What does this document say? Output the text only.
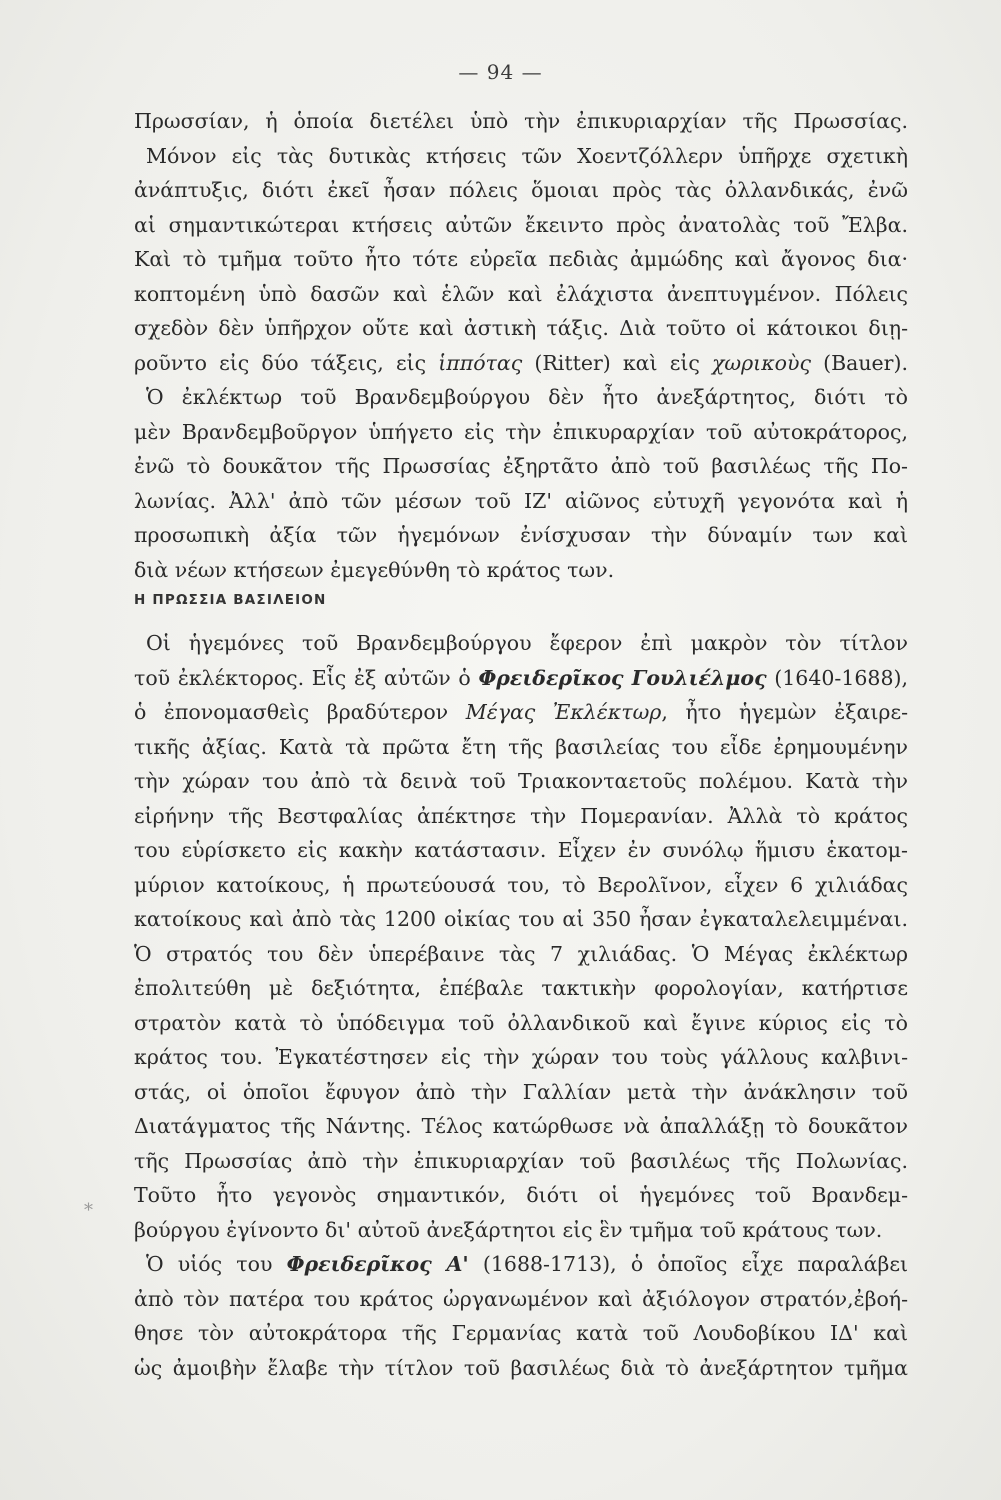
— 94 —
Πρωσσίαν, ἡ ὁποία διετέλει ὑπὸ τὴν ἐπικυριαρχίαν τῆς Πρωσσίας.
Μόνον εἰς τὰς δυτικὰς κτήσεις τῶν Χοεντζόλλερν ὑπῆρχε σχετικὴ
ἀνάπτυξις, διότι ἐκεῖ ἦσαν πόλεις ὅμοιαι πρὸς τὰς ὀλλανδικάς, ἐνῶ
αἱ σημαντικώτεραι κτήσεις αὐτῶν ἔκειντο πρὸς ἀνατολὰς τοῦ Ἔλβα.
Καὶ τὸ τμῆμα τοῦτο ἦτο τότε εὐρεῖα πεδιὰς ἀμμώδης καὶ ἄγονος δια·
κοπτομένη ὑπὸ δασῶν καὶ ἑλῶν καὶ ἐλάχιστα ἀνεπτυγμένον. Πόλεις
σχεδὸν δὲν ὑπῆρχον οὔτε καὶ ἀστικὴ τάξις. Διὰ τοῦτο οἱ κάτοικοι διῃ-
ροῦντο εἰς δύο τάξεις, εἰς ἱππότας (Ritter) καὶ εἰς χωρικοὺς (Bauer).
Ὁ ἐκλέκτωρ τοῦ Βρανδεμβούργου δὲν ἦτο ἀνεξάρτητος, διότι τὸ
μὲν Βρανδεμβοῦργον ὑπήγετο εἰς τὴν ἐπικυραρχίαν τοῦ αὐτοκράτορος,
ἐνῶ τὸ δουκᾶτον τῆς Πρωσσίας ἐξηρτᾶτο ἀπὸ τοῦ βασιλέως τῆς Πο-
λωνίας. Ἀλλ' ἀπὸ τῶν μέσων τοῦ ΙΖ' αἰῶνος εὐτυχῆ γεγονότα καὶ ἡ
προσωπικὴ ἀξία τῶν ἡγεμόνων ἐνίσχυσαν τὴν δύναμίν των καὶ
διὰ νέων κτήσεων ἐμεγεθύνθη τὸ κράτος των.
Η ΠΡΩΣΣΙΑ ΒΑΣΙΛΕΙΟΝ
Οἱ ἡγεμόνες τοῦ Βρανδεμβούργου ἔφερον ἐπὶ μακρὸν τὸν τίτλον
τοῦ ἐκλέκτορος. Εἷς ἐξ αὐτῶν ὁ Φρειδερῖκος Γουλιέλμος (1640-1688),
ὁ ἐπονομασθεὶς βραδύτερον Μέγας Ἐκλέκτωρ, ἦτο ἡγεμὼν ἐξαιρε-
τικῆς ἀξίας. Κατὰ τὰ πρῶτα ἔτη τῆς βασιλείας του εἶδε ἐρημουμένην
τὴν χώραν του ἀπὸ τὰ δεινὰ τοῦ Τριακονταετοῦς πολέμου. Κατὰ τὴν
εἰρήνην τῆς Βεστφαλίας ἀπέκτησε τὴν Πομερανίαν. Ἀλλὰ τὸ κράτος
του εὑρίσκετο εἰς κακὴν κατάστασιν. Εἶχεν ἐν συνόλῳ ἥμισυ ἑκατομ-
μύριον κατοίκους, ἡ πρωτεύουσά του, τὸ Βερολῖνον, εἶχεν 6 χιλιάδας
κατοίκους καὶ ἀπὸ τὰς 1200 οἰκίας του αἱ 350 ἦσαν ἐγκαταλελειμμέναι.
Ὁ στρατός του δὲν ὑπερέβαινε τὰς 7 χιλιάδας. Ὁ Μέγας ἐκλέκτωρ
ἐπολιτεύθη μὲ δεξιότητα, ἐπέβαλε τακτικὴν φορολογίαν, κατήρτισε
στρατὸν κατὰ τὸ ὑπόδειγμα τοῦ ὀλλανδικοῦ καὶ ἔγινε κύριος εἰς τὸ
κράτος του. Ἐγκατέστησεν εἰς τὴν χώραν του τοὺς γάλλους καλβινι-
στάς, οἱ ὁποῖοι ἔφυγον ἀπὸ τὴν Γαλλίαν μετὰ τὴν ἀνάκλησιν τοῦ
Διατάγματος τῆς Νάντης. Τέλος κατώρθωσε νὰ ἀπαλλάξῃ τὸ δουκᾶτον
τῆς Πρωσσίας ἀπὸ τὴν ἐπικυριαρχίαν τοῦ βασιλέως τῆς Πολωνίας.
Τοῦτο ἦτο γεγονὸς σημαντικόν, διότι οἱ ἡγεμόνες τοῦ Βρανδεμ-
βούργου ἐγίνοντο δι' αὐτοῦ ἀνεξάρτητοι εἰς ἓν τμῆμα τοῦ κράτους των.
Ὁ υἱός του Φρειδερῖκος Α' (1688-1713), ὁ ὁποῖος εἶχε παραλάβει
ἀπὸ τὸν πατέρα του κράτος ὠργανωμένον καὶ ἀξιόλογον στρατόν,ἐβοή-
θησε τὸν αὐτοκράτορα τῆς Γερμανίας κατὰ τοῦ Λουδοβίκου ΙΔ' καὶ
ὡς ἀμοιβὴν ἔλαβε τὴν τίτλον τοῦ βασιλέως διὰ τὸ ἀνεξάρτητον τμῆμα
*
